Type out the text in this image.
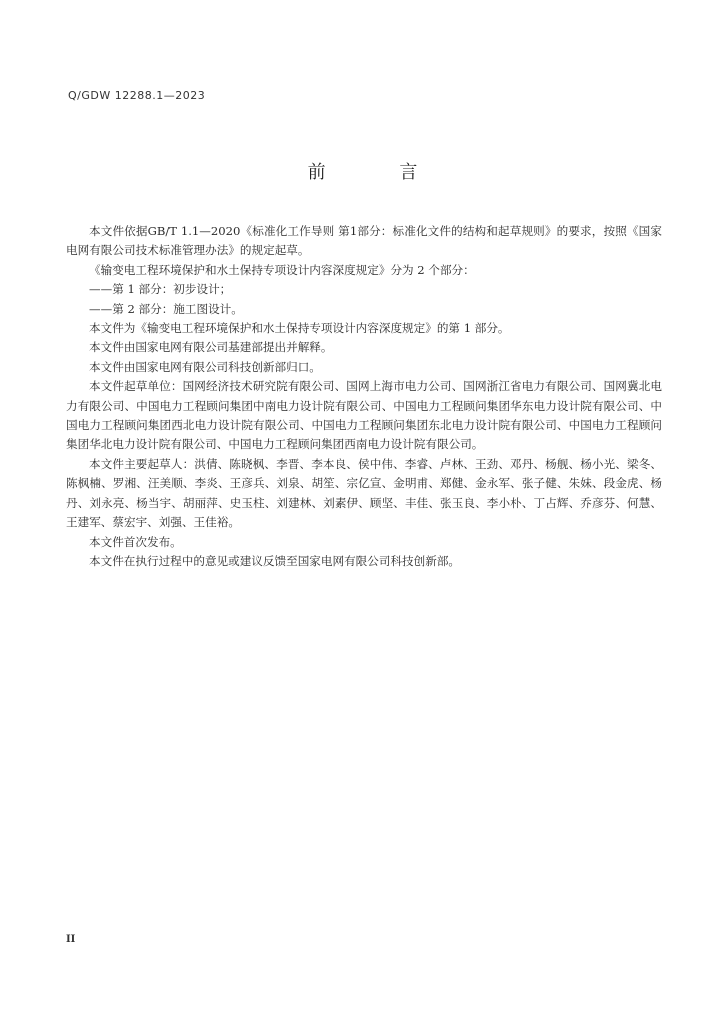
Q/GDW 12288.1—2023
前 言

本文件依据GB/T 1.1—2020《标准化工作导则 第1部分：标准化文件的结构和起草规则》的要求，按照《国家电网有限公司技术标准管理办法》的规定起草。

《输变电工程环境保护和水土保持专项设计内容深度规定》分为 2 个部分：

——第 1 部分：初步设计；

——第 2 部分：施工图设计。

本文件为《输变电工程环境保护和水土保持专项设计内容深度规定》的第 1 部分。

本文件由国家电网有限公司基建部提出并解释。

本文件由国家电网有限公司科技创新部归口。

本文件起草单位：国网经济技术研究院有限公司、国网上海市电力公司、国网浙江省电力有限公司、国网冀北电力有限公司、中国电力工程顾问集团中南电力设计院有限公司、中国电力工程顾问集团华东电力设计院有限公司、中国电力工程顾问集团西北电力设计院有限公司、中国电力工程顾问集团东北电力设计院有限公司、中国电力工程顾问集团华北电力设计院有限公司、中国电力工程顾问集团西南电力设计院有限公司。

本文件主要起草人：洪倩、陈晓枫、李晋、李本良、侯中伟、李睿、卢林、王劲、邓丹、杨舰、杨小光、梁冬、陈枫楠、罗湘、汪美顺、李炎、王彦兵、刘泉、胡笙、宗亿宣、金明甫、郑健、金永军、张子健、朱妹、段金虎、杨丹、刘永亮、杨当宇、胡丽萍、史玉柱、刘建林、刘素伊、顾坚、丰佳、张玉良、李小朴、丁占辉、乔彦芬、何慧、王建军、蔡宏宇、刘强、王佳裕。

本文件首次发布。

本文件在执行过程中的意见或建议反馈至国家电网有限公司科技创新部。

II
